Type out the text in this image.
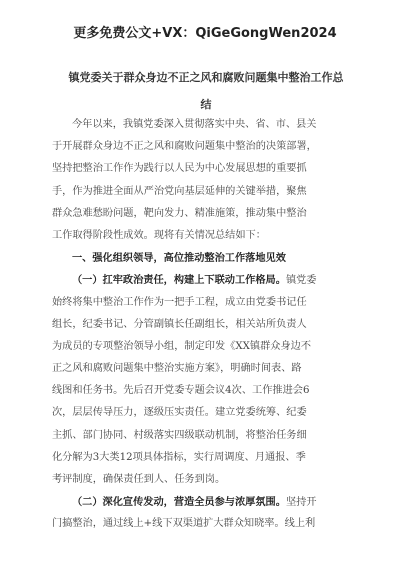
更多免费公文+VX：QiGeGongWen2024
镇党委关于群众身边不正之风和腐败问题集中整治工作总
结
今年以来，我镇党委深入贯彻落实中央、省、市、县关
于开展群众身边不正之风和腐败问题集中整治的决策部署，
坚持把整治工作作为践行以人民为中心发展思想的重要抓
手，作为推进全面从严治党向基层延伸的关键举措，聚焦
群众急难愁盼问题，靶向发力、精准施策，推动集中整治
工作取得阶段性成效。现将有关情况总结如下：
一、强化组织领导，高位推动整治工作落地见效
（一）扛牢政治责任，构建上下联动工作格局。镇党委
始终将集中整治工作作为一把手工程，成立由党委书记任
组长，纪委书记、分管副镇长任副组长，相关站所负责人
为成员的专项整治领导小组，制定印发《XX镇群众身边不
正之风和腐败问题集中整治实施方案》，明确时间表、路
线图和任务书。先后召开党委专题会议4次、工作推进会6
次，层层传导压力，逐级压实责任。建立党委统筹、纪委
主抓、部门协同、村级落实四级联动机制，将整治任务细
化分解为3大类12项具体指标，实行周调度、月通报、季
考评制度，确保责任到人、任务到岗。
（二）深化宣传发动，营造全员参与浓厚氛围。坚持开
门搞整治，通过线上+线下双渠道扩大群众知晓率。线上利
